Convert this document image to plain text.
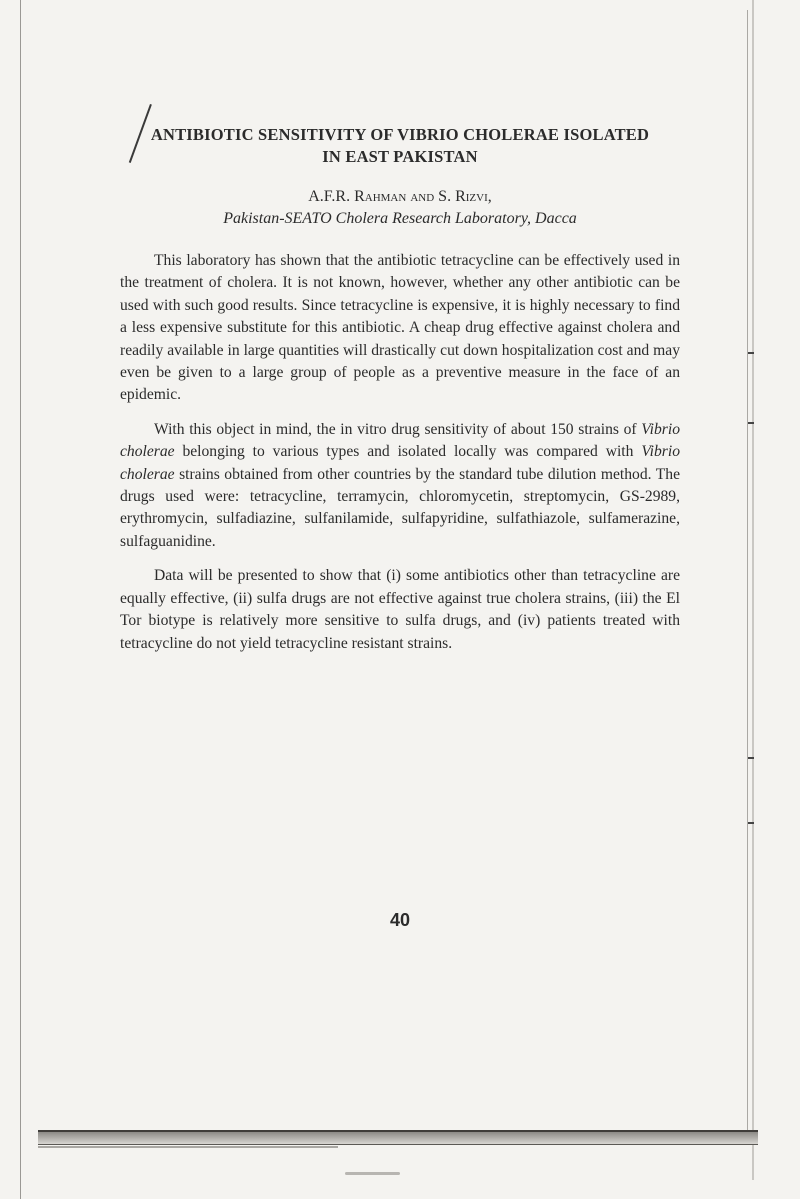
ANTIBIOTIC SENSITIVITY OF VIBRIO CHOLERAE ISOLATED
IN EAST PAKISTAN
A.F.R. Rahman and S. Rizvi,
Pakistan-SEATO Cholera Research Laboratory, Dacca

This laboratory has shown that the antibiotic tetracycline can be effectively used in the treatment of cholera. It is not known, however, whether any other antibiotic can be used with such good results. Since tetracycline is expensive, it is highly necessary to find a less expensive substitute for this antibiotic. A cheap drug effective against cholera and readily available in large quantities will drastically cut down hospitalization cost and may even be given to a large group of people as a preventive measure in the face of an epidemic.

With this object in mind, the in vitro drug sensitivity of about 150 strains of Vibrio cholerae belonging to various types and isolated locally was compared with Vibrio cholerae strains obtained from other countries by the standard tube dilution method. The drugs used were: tetracycline, terramycin, chloromycetin, streptomycin, GS-2989, erythromycin, sulfadiazine, sulfanilamide, sulfapyridine, sulfathiazole, sulfamerazine, sulfaguanidine.

Data will be presented to show that (i) some antibiotics other than tetracycline are equally effective, (ii) sulfa drugs are not effective against true cholera strains, (iii) the El Tor biotype is relatively more sensitive to sulfa drugs, and (iv) patients treated with tetracycline do not yield tetracycline resistant strains.

40
